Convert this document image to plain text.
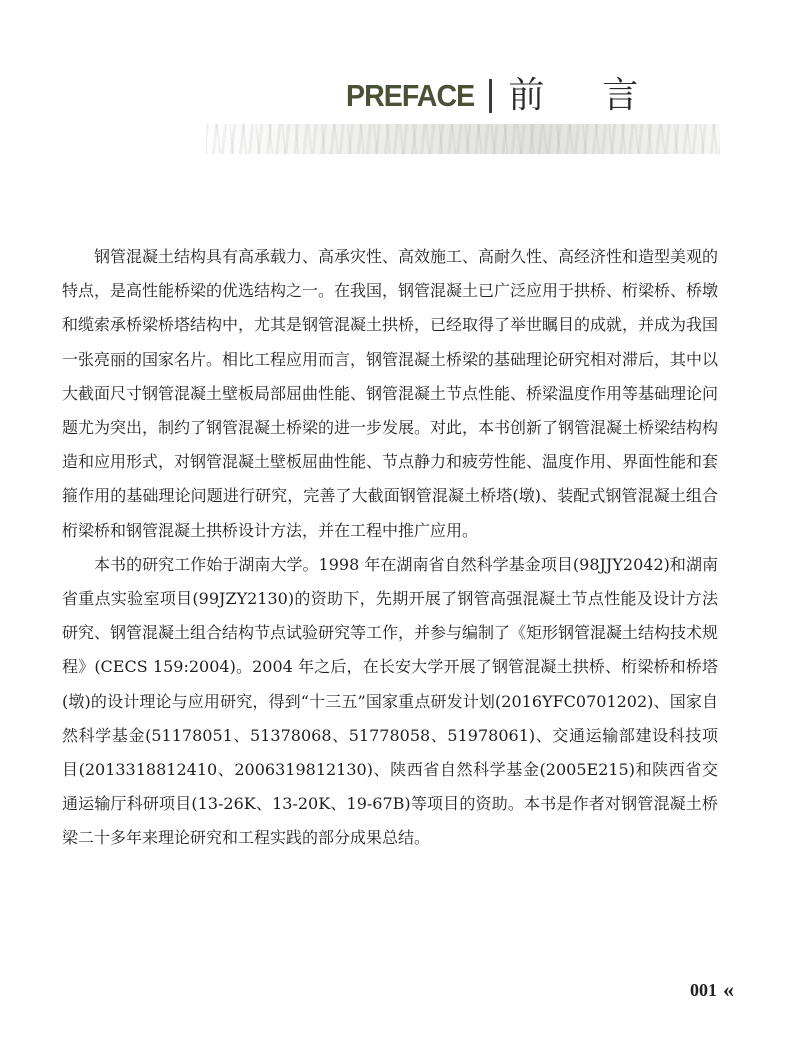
PREFACE 前言

钢管混凝土结构具有高承载力、高承灾性、高效施工、高耐久性、高经济性和造型美观的特点，是高性能桥梁的优选结构之一。在我国，钢管混凝土已广泛应用于拱桥、桁梁桥、桥墩和缆索承桥梁桥塔结构中，尤其是钢管混凝土拱桥，已经取得了举世瞩目的成就，并成为我国一张亮丽的国家名片。相比工程应用而言，钢管混凝土桥梁的基础理论研究相对滞后，其中以大截面尺寸钢管混凝土壁板局部屈曲性能、钢管混凝土节点性能、桥梁温度作用等基础理论问题尤为突出，制约了钢管混凝土桥梁的进一步发展。对此，本书创新了钢管混凝土桥梁结构构造和应用形式，对钢管混凝土壁板屈曲性能、节点静力和疲劳性能、温度作用、界面性能和套箍作用的基础理论问题进行研究，完善了大截面钢管混凝土桥塔(墩)、装配式钢管混凝土组合桁梁桥和钢管混凝土拱桥设计方法，并在工程中推广应用。

本书的研究工作始于湖南大学。1998 年在湖南省自然科学基金项目(98JJY2042)和湖南省重点实验室项目(99JZY2130)的资助下，先期开展了钢管高强混凝土节点性能及设计方法研究、钢管混凝土组合结构节点试验研究等工作，并参与编制了《矩形钢管混凝土结构技术规程》(CECS 159:2004)。2004 年之后，在长安大学开展了钢管混凝土拱桥、桁梁桥和桥塔(墩)的设计理论与应用研究，得到“十三五”国家重点研发计划(2016YFC0701202)、国家自然科学基金(51178051、51378068、51778058、51978061)、交通运输部建设科技项目(2013318812410、2006319812130)、陕西省自然科学基金(2005E215)和陕西省交通运输厅科研项目(13-26K、13-20K、19-67B)等项目的资助。本书是作者对钢管混凝土桥梁二十多年来理论研究和工程实践的部分成果总结。

001 «
